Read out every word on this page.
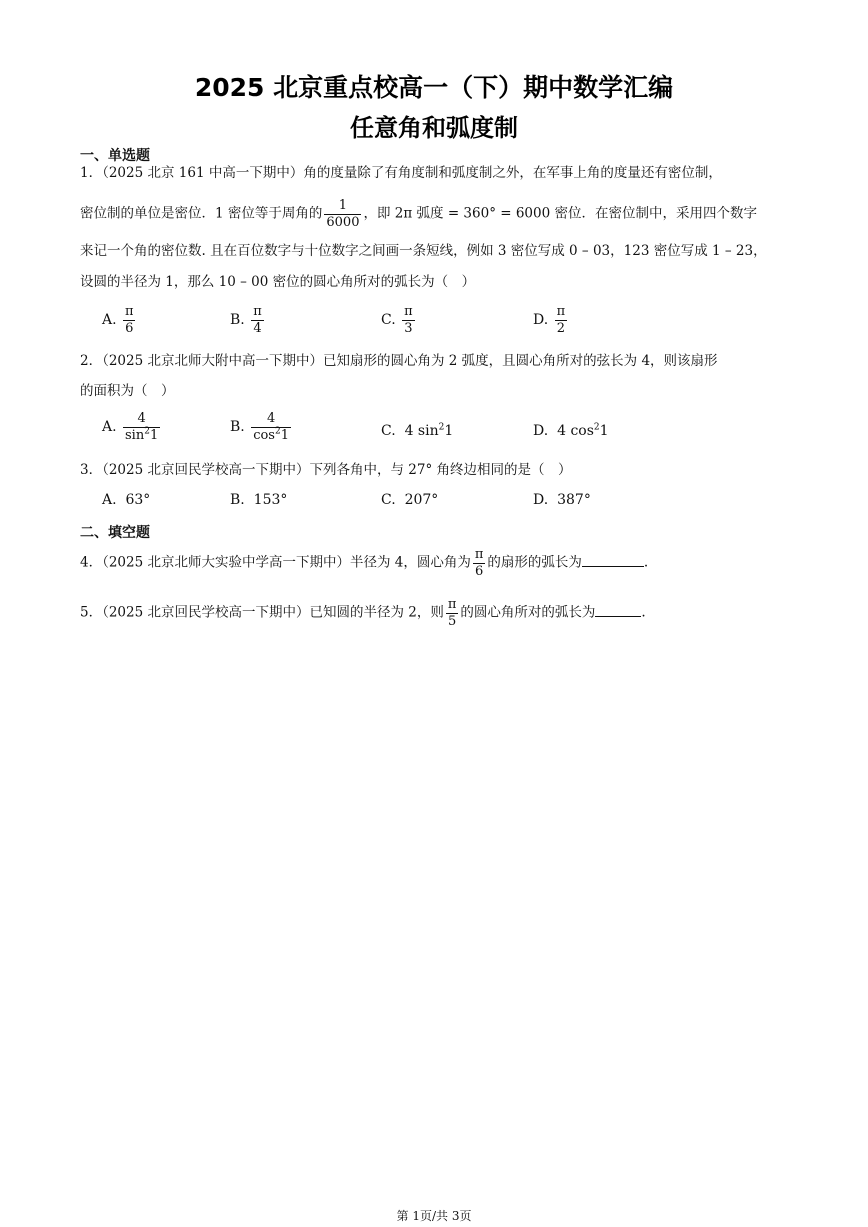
2025 北京重点校高一（下）期中数学汇编
任意角和弧度制
一、单选题
1．（2025 北京 161 中高一下期中）角的度量除了有角度制和弧度制之外，在军事上角的度量还有密位制，
密位制的单位是密位．1 密位等于周角的 $\frac{1}{6000}$ ，即 2π 弧度 = 360° = 6000 密位．在密位制中，采用四个数字
来记一个角的密位数. 且在百位数字与十位数字之间画一条短线，例如 3 密位写成 0 – 03，123 密位写成 1 – 23，
设圆的半径为 1，那么 10 – 00 密位的圆心角所对的弧长为（　）
A. $\frac{\pi}{6}$	B. $\frac{\pi}{4}$	C. $\frac{\pi}{3}$	D. $\frac{\pi}{2}$
2．（2025 北京北师大附中高一下期中）已知扇形的圆心角为 2 弧度，且圆心角所对的弦长为 4，则该扇形
的面积为（　）
A. $\frac{4}{\sin^21}$	B. $\frac{4}{\cos^21}$	C. 4 $\sin^21$	D. 4 $\cos^21$
3．（2025 北京回民学校高一下期中）下列各角中，与 27° 角终边相同的是（　）
A. 63°	B. 153°	C. 207°	D. 387°
二、填空题
4．（2025 北京北师大实验中学高一下期中）半径为 4，圆心角为 $\frac{\pi}{6}$ 的扇形的弧长为	.
5．（2025 北京回民学校高一下期中）已知圆的半径为 2，则 $\frac{\pi}{5}$ 的圆心角所对的弧长为	.
第 1页/共 3页
